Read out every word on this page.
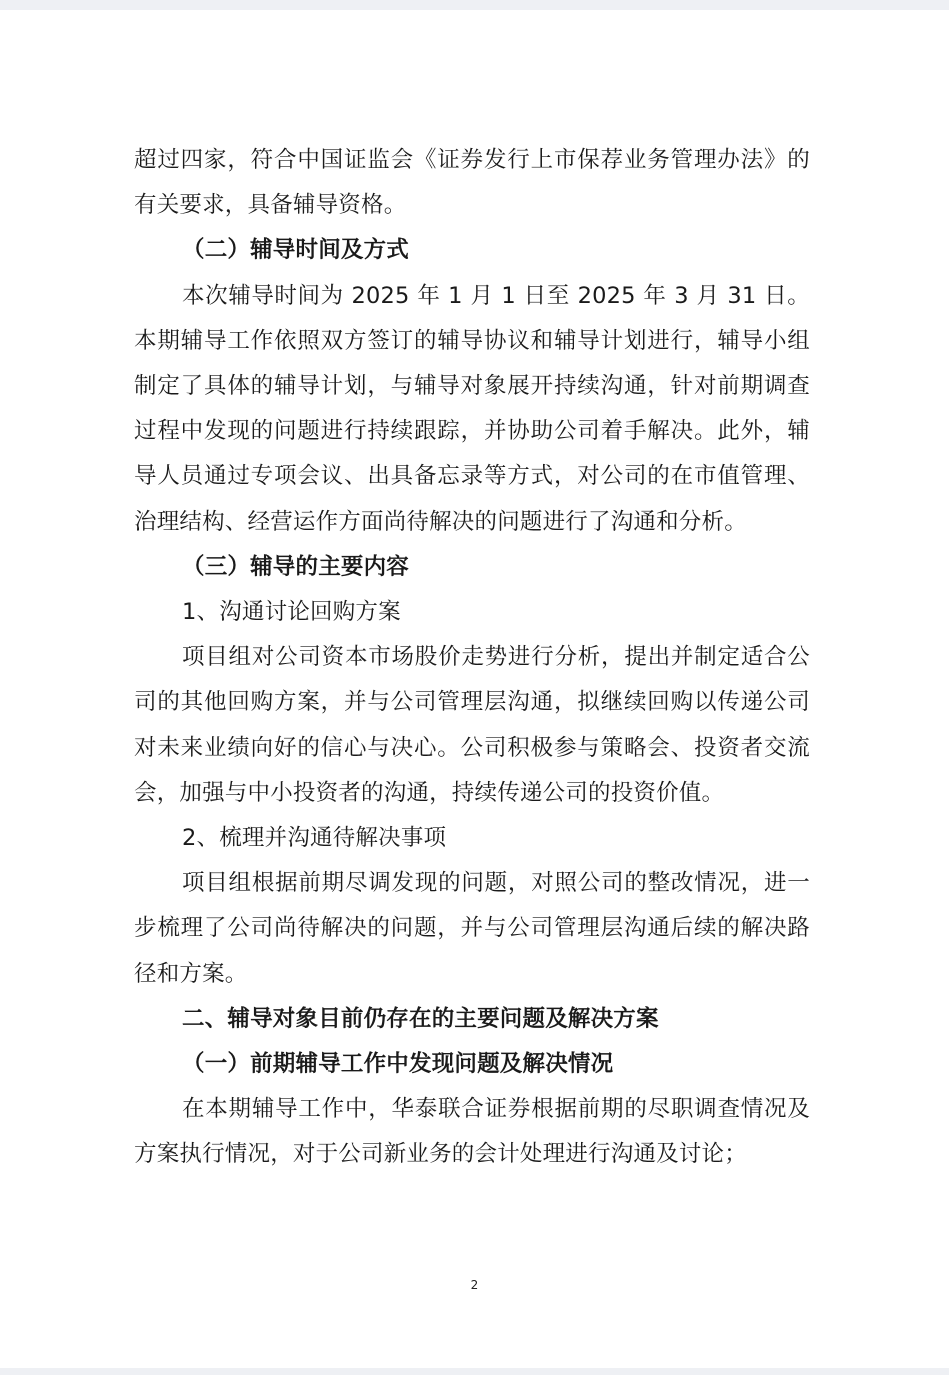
超过四家，符合中国证监会《证券发行上市保荐业务管理办法》的有关要求，具备辅导资格。

（二）辅导时间及方式

本次辅导时间为 2025 年 1 月 1 日至 2025 年 3 月 31 日。本期辅导工作依照双方签订的辅导协议和辅导计划进行，辅导小组制定了具体的辅导计划，与辅导对象展开持续沟通，针对前期调查过程中发现的问题进行持续跟踪，并协助公司着手解决。此外，辅导人员通过专项会议、出具备忘录等方式，对公司的在市值管理、治理结构、经营运作方面尚待解决的问题进行了沟通和分析。

（三）辅导的主要内容

1、沟通讨论回购方案

项目组对公司资本市场股价走势进行分析，提出并制定适合公司的其他回购方案，并与公司管理层沟通，拟继续回购以传递公司对未来业绩向好的信心与决心。公司积极参与策略会、投资者交流会，加强与中小投资者的沟通，持续传递公司的投资价值。

2、梳理并沟通待解决事项

项目组根据前期尽调发现的问题，对照公司的整改情况，进一步梳理了公司尚待解决的问题，并与公司管理层沟通后续的解决路径和方案。

二、辅导对象目前仍存在的主要问题及解决方案

（一）前期辅导工作中发现问题及解决情况

在本期辅导工作中，华泰联合证券根据前期的尽职调查情况及方案执行情况，对于公司新业务的会计处理进行沟通及讨论；

2
